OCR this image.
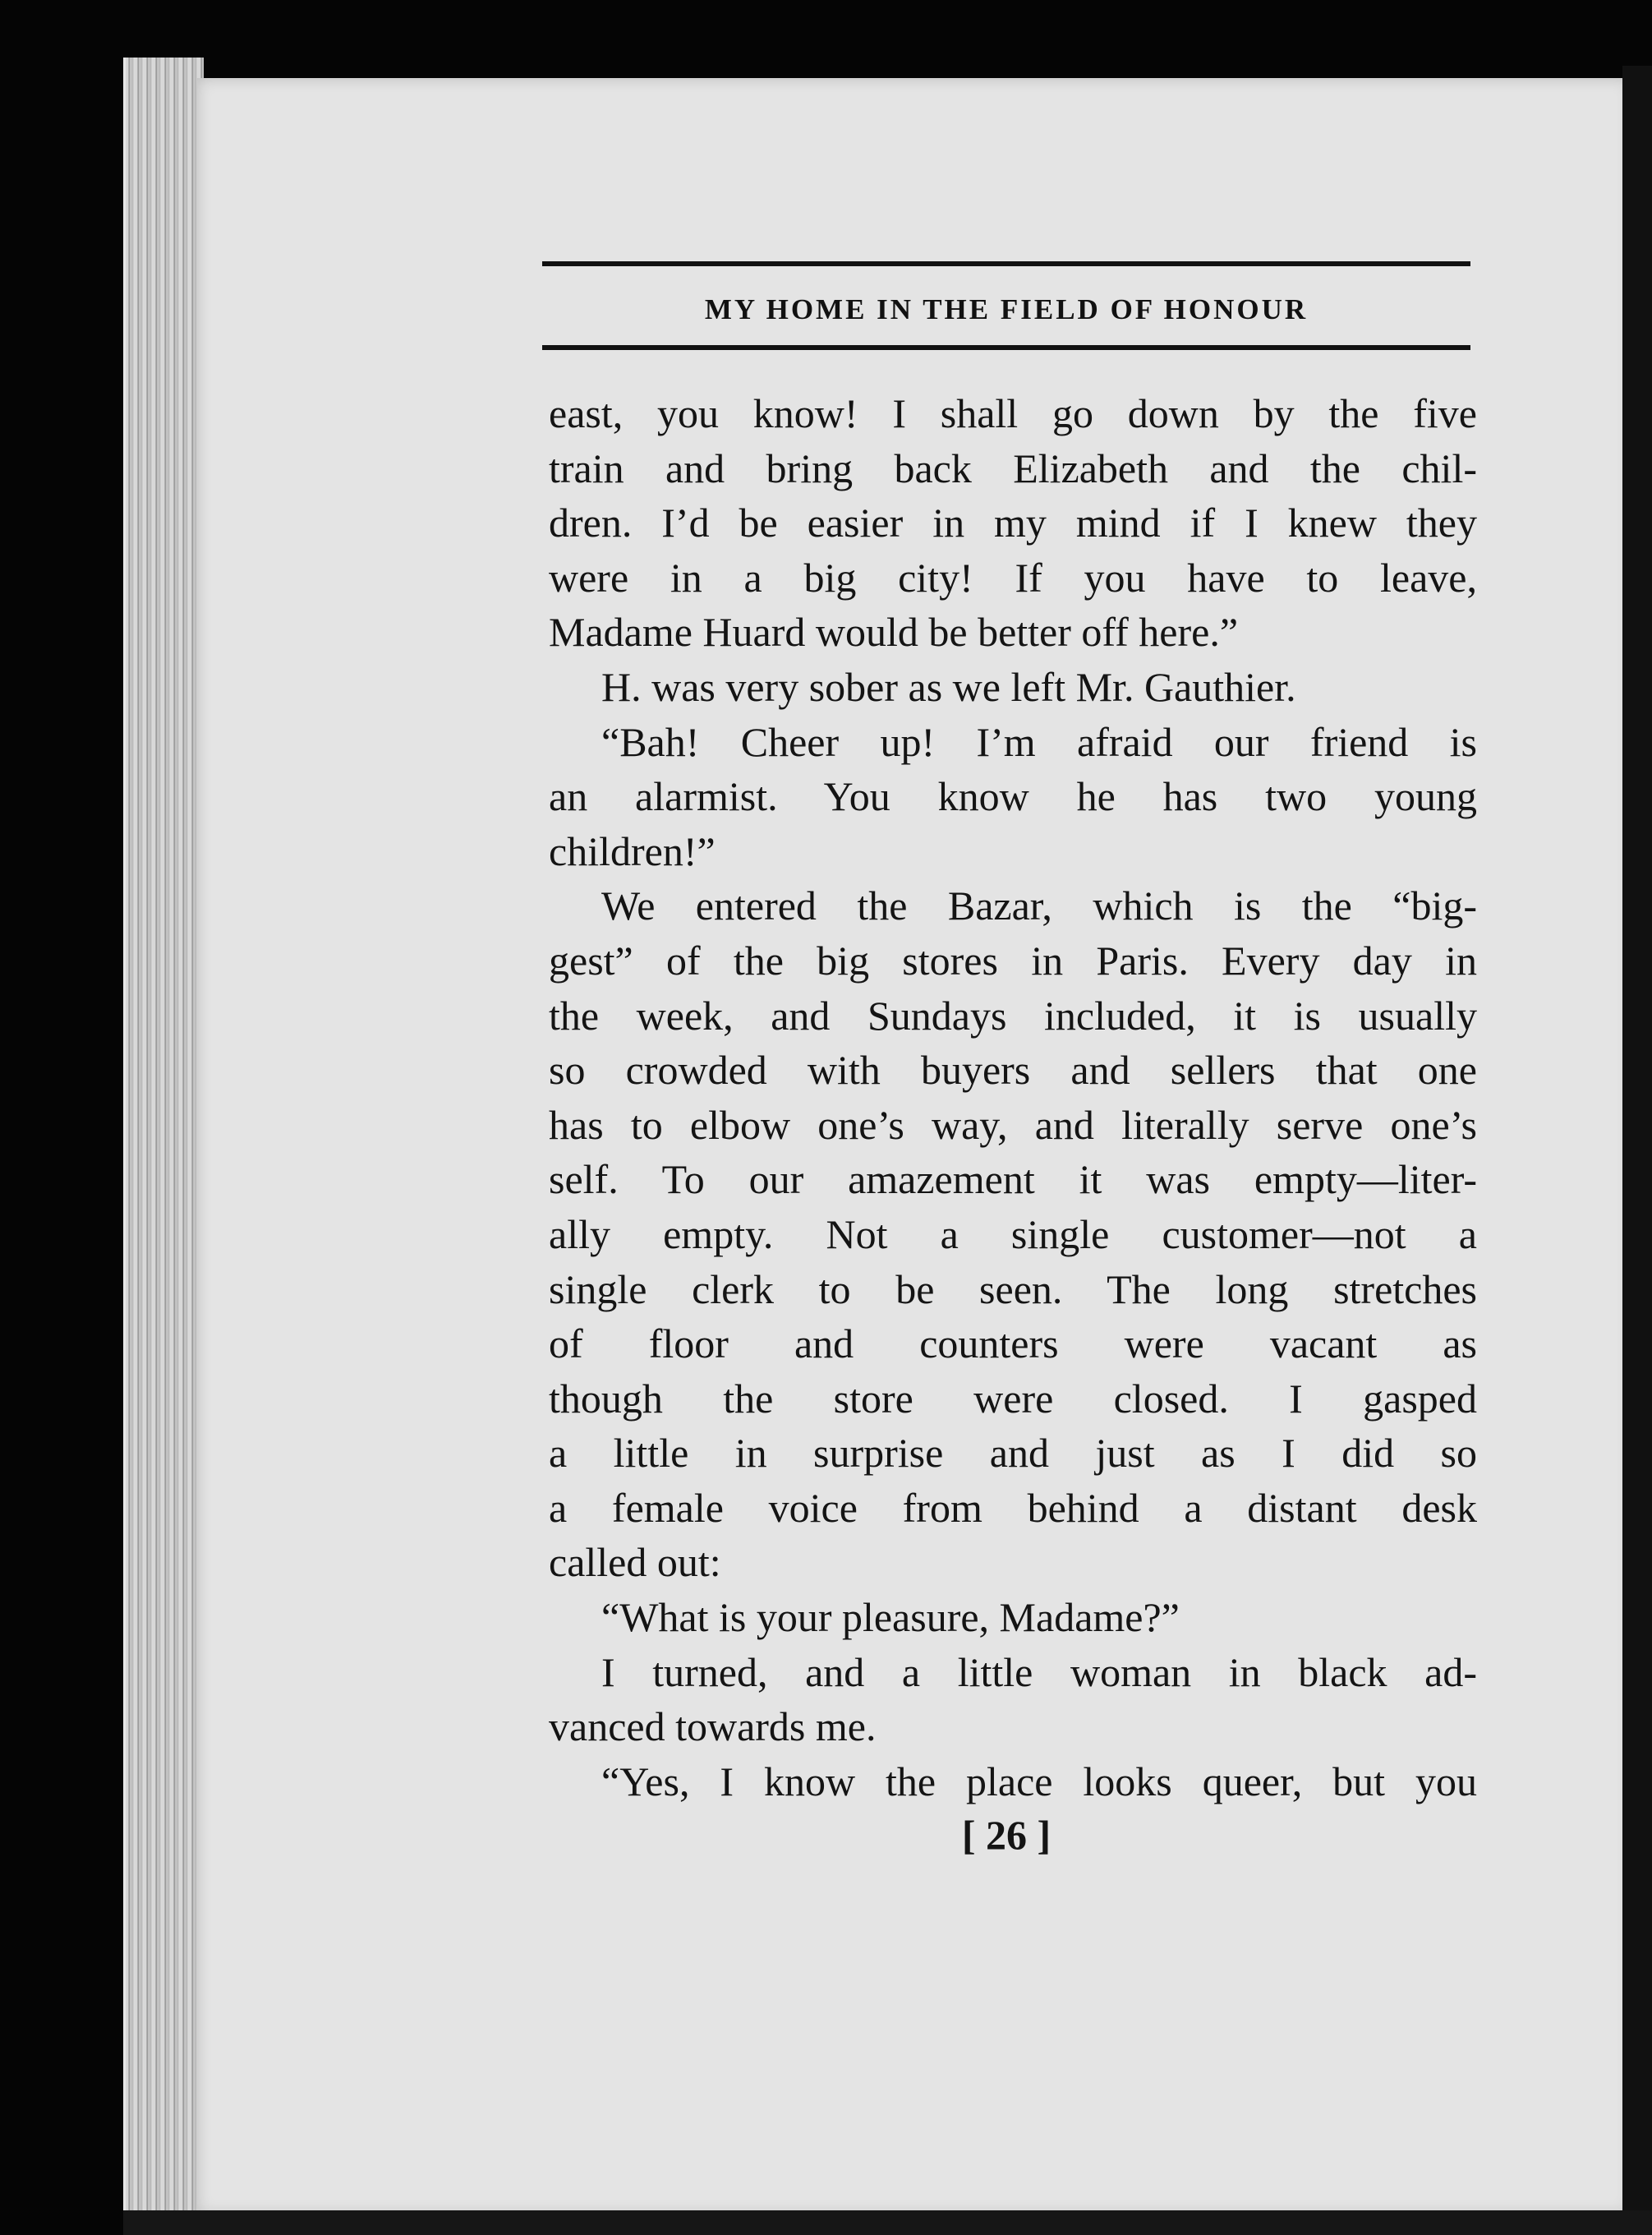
MY HOME IN THE FIELD OF HONOUR
east, you know! I shall go down by the five
train and bring back Elizabeth and the chil-
dren. I’d be easier in my mind if I knew they
were in a big city! If you have to leave,
Madame Huard would be better off here.”
H. was very sober as we left Mr. Gauthier.
“Bah! Cheer up! I’m afraid our friend is
an alarmist. You know he has two young
children!”
We entered the Bazar, which is the “big-
gest” of the big stores in Paris. Every day in
the week, and Sundays included, it is usually
so crowded with buyers and sellers that one
has to elbow one’s way, and literally serve one’s
self. To our amazement it was empty—liter-
ally empty. Not a single customer—not a
single clerk to be seen. The long stretches
of floor and counters were vacant as
though the store were closed. I gasped
a little in surprise and just as I did so
a female voice from behind a distant desk
called out:
“What is your pleasure, Madame?”
I turned, and a little woman in black ad-
vanced towards me.
“Yes, I know the place looks queer, but you
[ 26 ]
